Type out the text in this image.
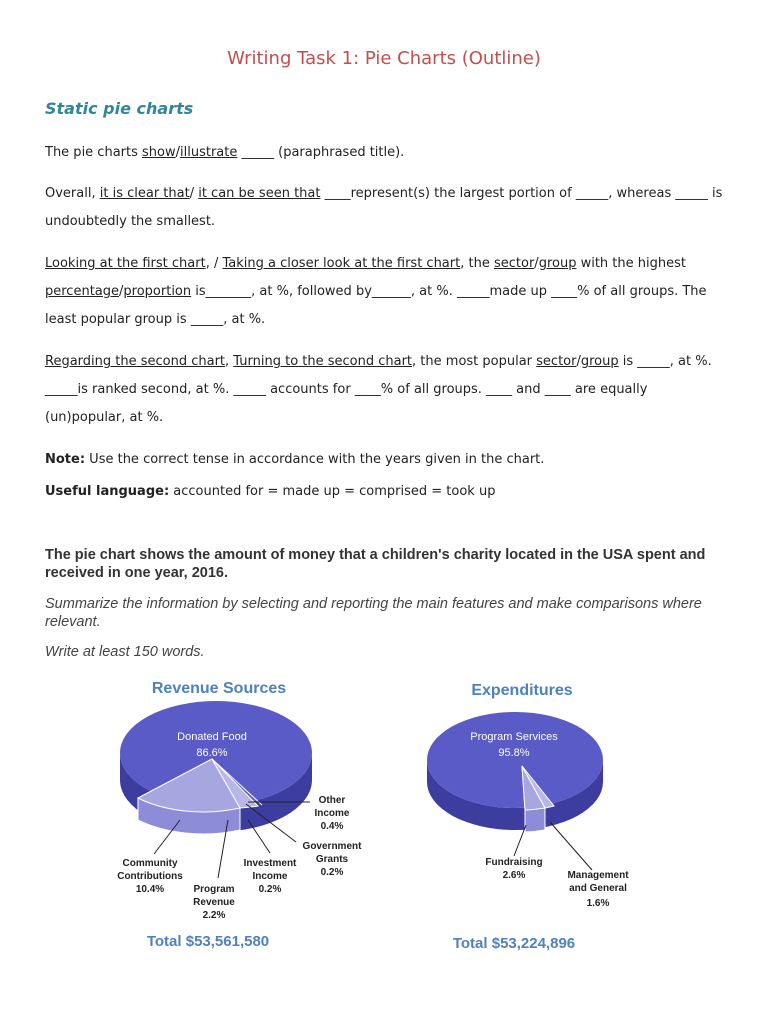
Writing Task 1: Pie Charts (Outline)
Static pie charts
The pie charts show/illustrate _____ (paraphrased title).
Overall, it is clear that/ it can be seen that ____represent(s) the largest portion of _____, whereas _____ is undoubtedly the smallest.
Looking at the first chart, / Taking a closer look at the first chart, the sector/group with the highest percentage/proportion is_______, at %, followed by______, at %. _____made up ____% of all groups. The least popular group is _____, at %.
Regarding the second chart, Turning to the second chart, the most popular sector/group is _____, at %. _____is ranked second, at %. _____ accounts for ____% of all groups. ____ and ____ are equally (un)popular, at %.
Note: Use the correct tense in accordance with the years given in the chart.
Useful language: accounted for = made up = comprised = took up
The pie chart shows the amount of money that a children's charity located in the USA spent and received in one year, 2016.
Summarize the information by selecting and reporting the main features and make comparisons where relevant.
Write at least 150 words.
Revenue Sources
Donated Food
86.6%
Other
Income
0.4%
Government
Grants
0.2%
Community
Contributions
10.4%
Investment
Income
0.2%
Program
Revenue
2.2%
Total $53,561,580
Expenditures
Program Services
95.8%
Fundraising
2.6%	Management
and General
1.6%
Total $53,224,896
